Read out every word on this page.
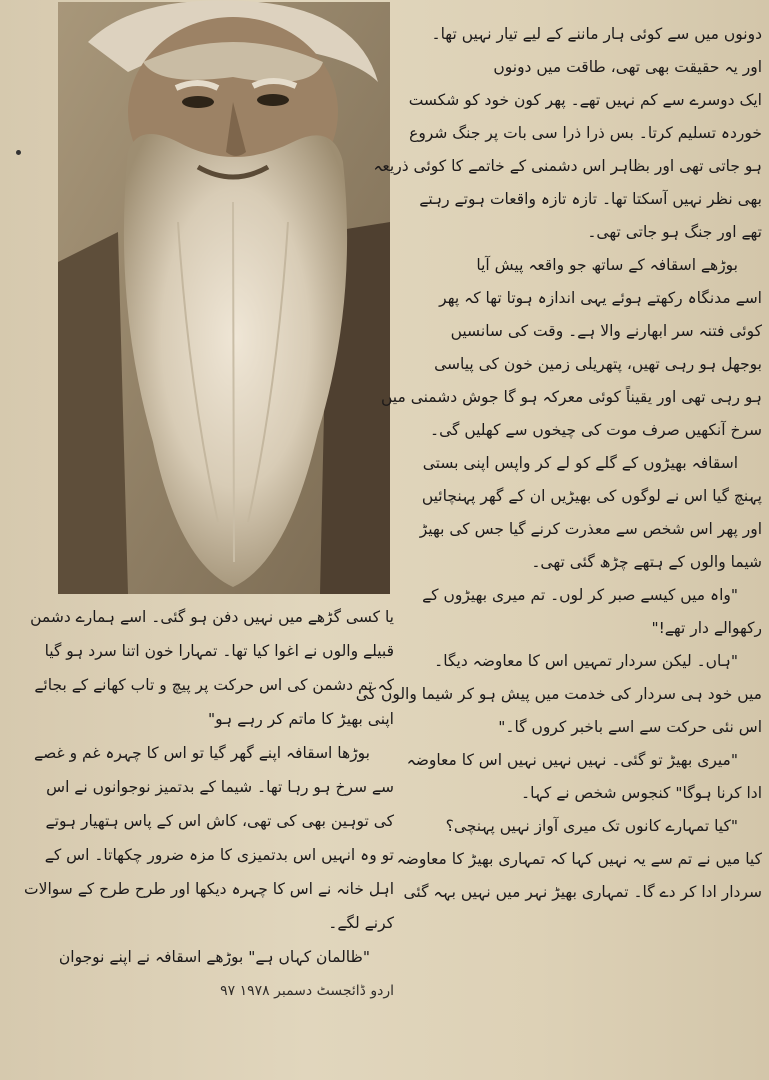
دونوں میں سے کوئی ہار ماننے کے لیے تیار نہیں تھا۔
اور یہ حقیقت بھی تھی، طاقت میں دونوں
ایک دوسرے سے کم نہیں تھے۔ پھر کون خود کو شکست
خوردہ تسلیم کرتا۔ بس ذرا ذرا سی بات پر جنگ شروع
ہو جاتی تھی اور بظاہر اس دشمنی کے خاتمے کا کوئی ذریعہ
بھی نظر نہیں آسکتا تھا۔ تازہ تازہ واقعات ہوتے رہتے
تھے اور جنگ ہو جاتی تھی۔
بوڑھے اسقافہ کے ساتھ جو واقعہ پیش آیا
اسے مدنگاہ رکھتے ہوئے یہی اندازہ ہوتا تھا کہ پھر
کوئی فتنہ سر ابھارنے والا ہے۔ وقت کی سانسیں
بوجھل ہو رہی تھیں، پتھریلی زمین خون کی پیاسی
ہو رہی تھی اور یقیناً کوئی معرکہ ہو گا جوش دشمنی میں
سرخ آنکھیں صرف موت کی چیخوں سے کھلیں گی۔
اسقافہ بھیڑوں کے گلے کو لے کر واپس اپنی بستی
پہنچ گیا اس نے لوگوں کی بھیڑیں ان کے گھر پہنچائیں
اور پھر اس شخص سے معذرت کرنے گیا جس کی بھیڑ
شیما والوں کے ہتھے چڑھ گئی تھی۔
"واہ میں کیسے صبر کر لوں۔ تم میری بھیڑوں کے
رکھوالے دار تھے!"
"ہاں۔ لیکن سردار تمہیں اس کا معاوضہ دیگا۔
میں خود ہی سردار کی خدمت میں پیش ہو کر شیما والوں کی
اس نئی حرکت سے اسے باخبر کروں گا۔"
"میری بھیڑ تو گئی۔ نہیں نہیں نہیں اس کا معاوضہ
ادا کرنا ہوگا" کنجوس شخص نے کہا۔
"کیا تمہارے کانوں تک میری آواز نہیں پہنچی؟
کیا میں نے تم سے یہ نہیں کہا کہ تمہاری بھیڑ کا معاوضہ
سردار ادا کر دے گا۔ تمہاری بھیڑ نہر میں نہیں بہہ گئی
یا کسی گڑھے میں نہیں دفن ہو گئی۔ اسے ہمارے دشمن
قبیلے والوں نے اغوا کیا تھا۔ تمہارا خون اتنا سرد ہو گیا
کہ تم دشمن کی اس حرکت پر پیچ و تاب کھانے کے بجائے
اپنی بھیڑ کا ماتم کر رہے ہو"
بوڑھا اسقافہ اپنے گھر گیا تو اس کا چہرہ غم و غصے
سے سرخ ہو رہا تھا۔ شیما کے بدتمیز نوجوانوں نے اس
کی توہین بھی کی تھی، کاش اس کے پاس ہتھیار ہوتے
تو وہ انہیں اس بدتمیزی کا مزہ ضرور چکھاتا۔ اس کے
اہل خانہ نے اس کا چہرہ دیکھا اور طرح طرح کے سوالات
کرنے لگے۔
"ظالمان کہاں ہے" بوڑھے اسقافہ نے اپنے نوجوان
اردو ڈائجسٹ دسمبر ۱۹۷۸ ۹۷
